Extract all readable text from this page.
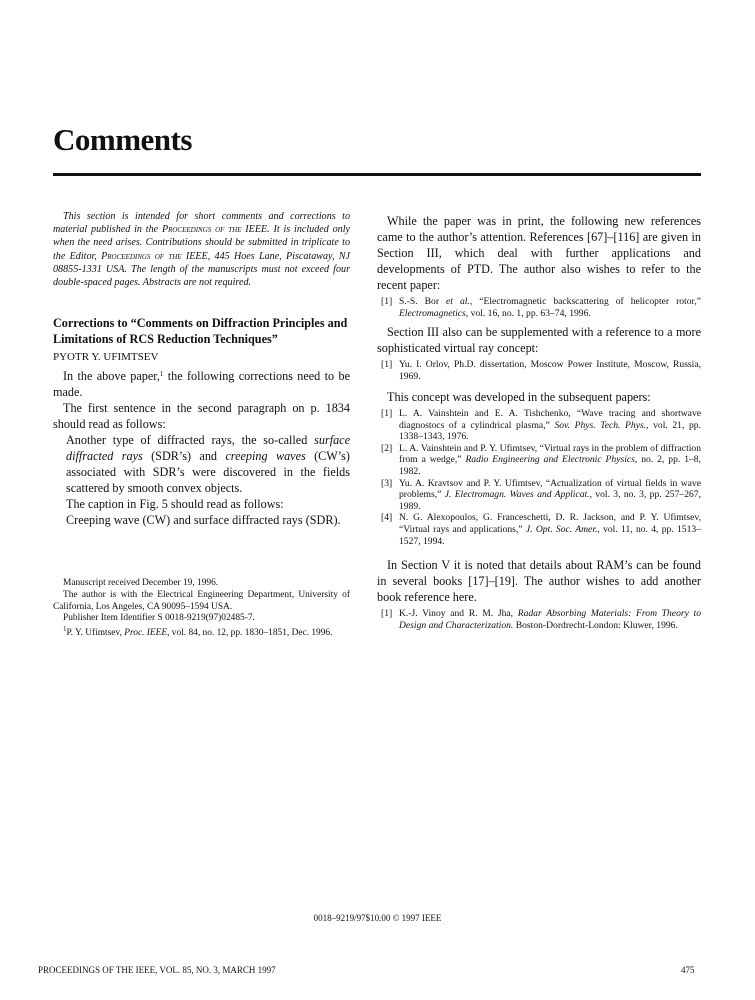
Comments

This section is intended for short comments and corrections to material published in the Proceedings of the IEEE. It is included only when the need arises. Contributions should be submitted in triplicate to the Editor, Proceedings of the IEEE, 445 Hoes Lane, Piscataway, NJ 08855-1331 USA. The length of the manuscripts must not exceed four double-spaced pages. Abstracts are not required.

Corrections to “Comments on Diffraction Principles and Limitations of RCS Reduction Techniques”

PYOTR Y. UFIMTSEV

In the above paper,$^1$ the following corrections need to be made.

The first sentence in the second paragraph on p. 1834 should read as follows:

Another type of diffracted rays, the so-called surface diffracted rays (SDR’s) and creeping waves (CW’s) associated with SDR’s were discovered in the fields scattered by smooth convex objects.

The caption in Fig. 5 should read as follows:

Creeping wave (CW) and surface diffracted rays (SDR).

Manuscript received December 19, 1996.

The author is with the Electrical Engineering Department, University of California, Los Angeles, CA 90095–1594 USA.

Publisher Item Identifier S 0018-9219(97)02485-7.

$^1$P. Y. Ufimtsev, Proc. IEEE, vol. 84, no. 12, pp. 1830–1851, Dec. 1996.

While the paper was in print, the following new references came to the author’s attention. References [67]–[116] are given in Section III, which deal with further applications and developments of PTD. The author also wishes to refer to the recent paper:

[1] S.-S. Bor et al., “Electromagnetic backscattering of helicopter rotor,” Electromagnetics, vol. 16, no. 1, pp. 63–74, 1996.

Section III also can be supplemented with a reference to a more sophisticated virtual ray concept:

[1] Yu. I. Orlov, Ph.D. dissertation, Moscow Power Institute, Moscow, Russia, 1969.

This concept was developed in the subsequent papers:

[1] L. A. Vainshtein and E. A. Tishchenko, “Wave tracing and shortwave diagnostocs of a cylindrical plasma,” Sov. Phys. Tech. Phys., vol. 21, pp. 1338–1343, 1976.

[2] L. A. Vainshtein and P. Y. Ufimtsev, “Virtual rays in the problem of diffraction from a wedge,” Radio Engineering and Electronic Physics, no. 2, pp. 1–8, 1982.

[3] Yu. A. Kravtsov and P. Y. Ufimtsev, “Actualization of virtual fields in wave problems,” J. Electromagn. Waves and Applicat., vol. 3, no. 3, pp. 257–267, 1989.

[4] N. G. Alexopoulos, G. Franceschetti, D. R. Jackson, and P. Y. Ufimtsev, “Virtual rays and applications,” J. Opt. Soc. Amer., vol. 11, no. 4, pp. 1513–1527, 1994.

In Section V it is noted that details about RAM’s can be found in several books [17]–[19]. The author wishes to add another book reference here.

[1] K.-J. Vinoy and R. M. Jha, Radar Absorbing Materials: From Theory to Design and Characterization. Boston-Dordrecht-London: Kluwer, 1996.

0018–9219/97$10.00 © 1997 IEEE
PROCEEDINGS OF THE IEEE, VOL. 85, NO. 3, MARCH 1997	475
